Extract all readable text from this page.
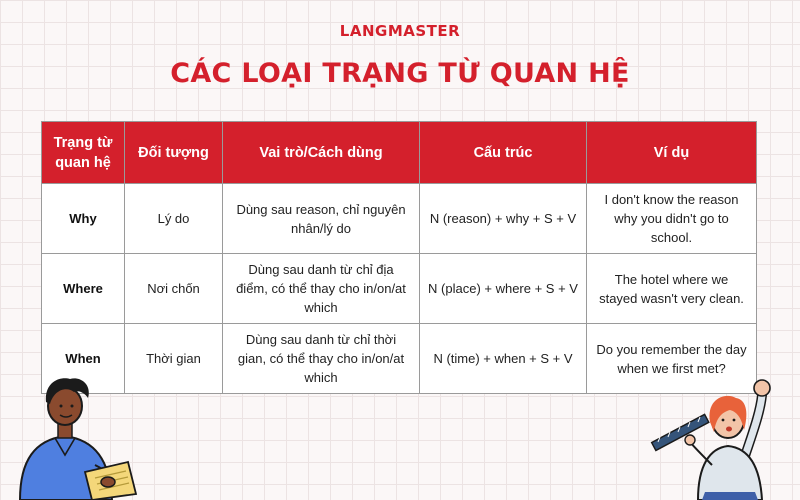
LANGMASTER
CÁC LOẠI TRẠNG TỪ QUAN HỆ
Trạng từ quan hệ	Đối tượng	Vai trò/Cách dùng	Cấu trúc	Ví dụ
Why	Lý do	Dùng sau reason, chỉ nguyên nhân/lý do	N (reason) + why + S + V	I don't know the reason why you didn't go to school.
Where	Nơi chốn	Dùng sau danh từ chỉ địa điểm, có thể thay cho in/on/at which	N (place) + where + S + V	The hotel where we stayed wasn't very clean.
When	Thời gian	Dùng sau danh từ chỉ thời gian, có thể thay cho in/on/at which	N (time) + when + S + V	Do you remember the day when we first met?
